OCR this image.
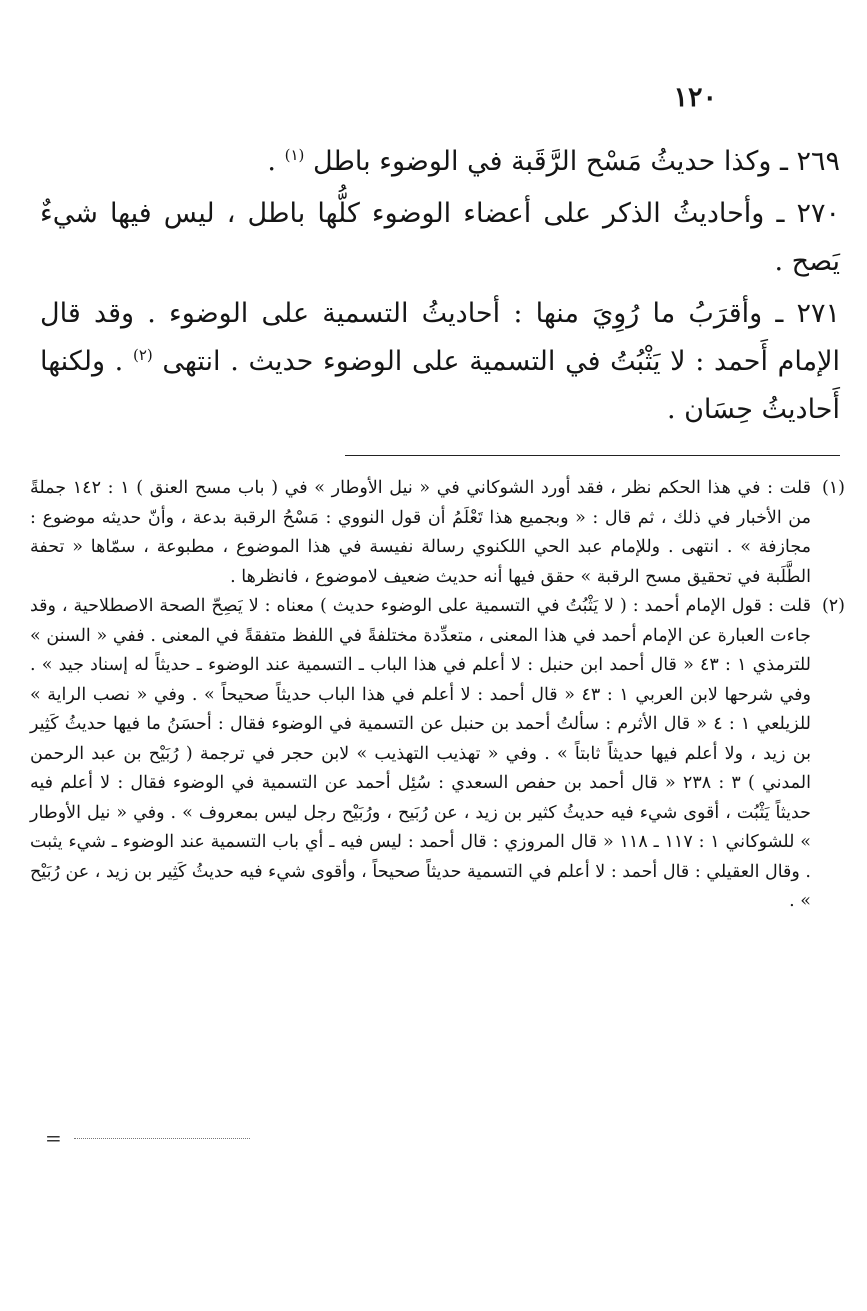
١٢٠

٢٦٩ ـ وكذا حديثُ مَسْح الرَّقَبة في الوضوء باطل $^{(١)}$ .

٢٧٠ ـ وأحاديثُ الذكر على أعضاء الوضوء كلُّها باطل ، ليس فيها شيءٌ يَصح .

٢٧١ ـ وأقرَبُ ما رُوِيَ منها : أحاديثُ التسمية على الوضوء . وقد قال الإمام أَحمد : لا يَثْبُتُ في التسمية على الوضوء حديث . انتهى $^{(٢)}$ . ولكنها أَحاديثُ حِسَان .

(١)
قلت : في هذا الحكم نظر ، فقد أورد الشوكاني في « نيل الأوطار » في ( باب مسح العنق ) ١ : ١٤٢ جملةً من الأخبار في ذلك ، ثم قال : « وبجميع هذا تَعْلَمُ أن قول النووي : مَسْحُ الرقبة بدعة ، وأنّ حديثه موضوع : مجازفة » . انتهى . وللإمام عبد الحي اللكنوي رسالة نفيسة في هذا الموضوع ، مطبوعة ، سمّاها « تحفة الطَّلَبة في تحقيق مسح الرقبة » حقق فيها أنه حديث ضعيف لاموضوع ، فانظرها .

(٢)
قلت : قول الإمام أحمد : ( لا يَثْبُتُ في التسمية على الوضوء حديث ) معناه : لا يَصِحّ الصحة الاصطلاحية ، وقد جاءت العبارة عن الإمام أحمد في هذا المعنى ، متعدِّدة مختلفةً في اللفظ متفقةً في المعنى . ففي « السنن » للترمذي ١ : ٤٣ « قال أحمد ابن حنبل : لا أعلم في هذا الباب ـ التسمية عند الوضوء ـ حديثاً له إسناد جيد » . وفي شرحها لابن العربي ١ : ٤٣ « قال أحمد : لا أعلم في هذا الباب حديثاً صحيحاً » . وفي « نصب الراية » للزيلعي ١ : ٤ « قال الأثرم : سألتُ أحمد بن حنبل عن التسمية في الوضوء فقال : أحسَنُ ما فيها حديثُ كَثِير بن زيد ، ولا أعلم فيها حديثاً ثابتاً » . وفي « تهذيب التهذيب » لابن حجر في ترجمة ( رُبَيْح بن عبد الرحمن المدني ) ٣ : ٢٣٨ « قال أحمد بن حفص السعدي : سُئِل أحمد عن التسمية في الوضوء فقال : لا أعلم فيه حديثاً يَثْبُت ، أقوى شيء فيه حديثُ كثير بن زيد ، عن رُبَيح ، ورُبَيْح رجل ليس بمعروف » . وفي « نيل الأوطار » للشوكاني ١ : ١١٧ ـ ١١٨ « قال المروزي : قال أحمد : ليس فيه ـ أي باب التسمية عند الوضوء ـ شيء يثبت . وقال العقيلي : قال أحمد : لا أعلم في التسمية حديثاً صحيحاً ، وأقوى شيء فيه حديثُ كَثِير بن زيد ، عن رُبَيْح » .

=
